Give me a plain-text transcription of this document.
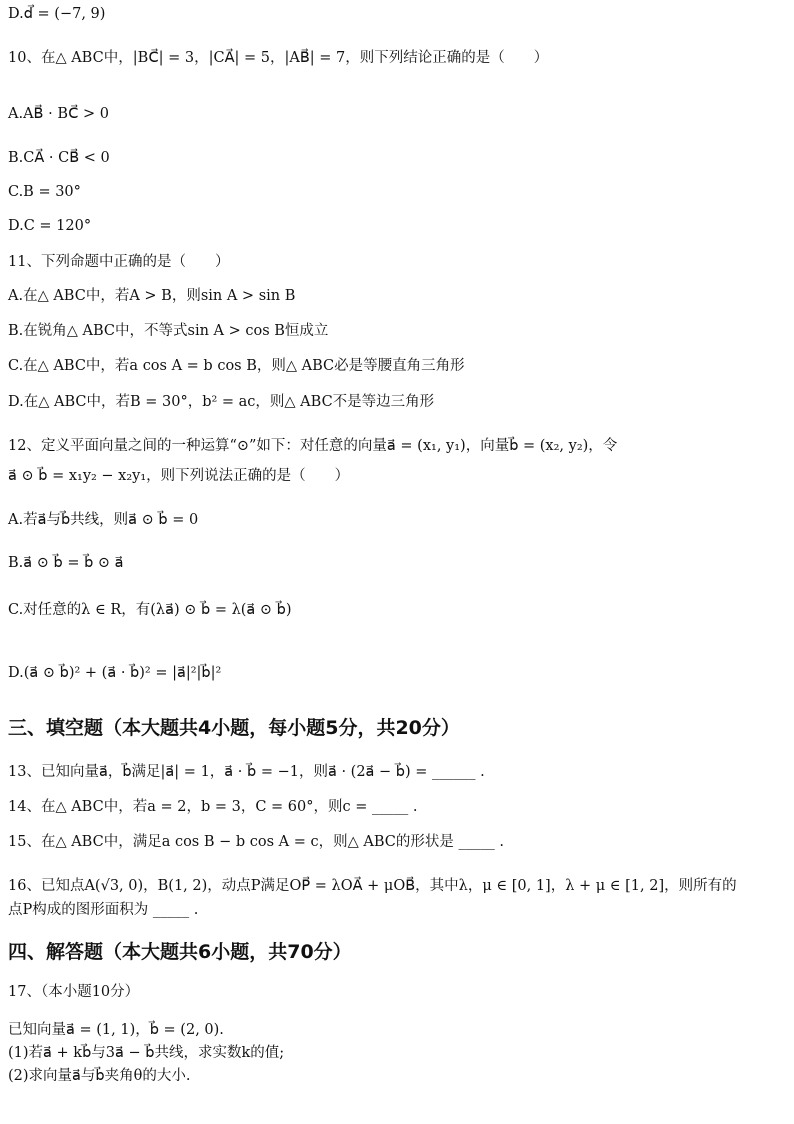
D.d⃗ = (−7, 9)
10、在△ ABC中，|BC⃗| = 3，|CA⃗| = 5，|AB⃗| = 7，则下列结论正确的是（　　）
A.AB⃗ · BC⃗ > 0
B.CA⃗ · CB⃗ < 0
C.B = 30°
D.C = 120°
11、下列命题中正确的是（　　）
A.在△ ABC中，若A > B，则sin A > sin B
B.在锐角△ ABC中，不等式sin A > cos B恒成立
C.在△ ABC中，若a cos A = b cos B，则△ ABC必是等腰直角三角形
D.在△ ABC中，若B = 30°，b² = ac，则△ ABC不是等边三角形
12、定义平面向量之间的一种运算“⊙”如下：对任意的向量a⃗ = (x₁, y₁)，向量b⃗ = (x₂, y₂)，令
a⃗ ⊙ b⃗ = x₁y₂ − x₂y₁，则下列说法正确的是（　　）
A.若a⃗与b⃗共线，则a⃗ ⊙ b⃗ = 0
B.a⃗ ⊙ b⃗ = b⃗ ⊙ a⃗
C.对任意的λ ∈ R，有(λa⃗) ⊙ b⃗ = λ(a⃗ ⊙ b⃗)
D.(a⃗ ⊙ b⃗)² + (a⃗ · b⃗)² = |a⃗|²|b⃗|²
三、填空题（本大题共4小题，每小题5分，共20分）
13、已知向量a⃗，b⃗满足|a⃗| = 1，a⃗ · b⃗ = −1，则a⃗ · (2a⃗ − b⃗) = ______ .
14、在△ ABC中，若a = 2，b = 3，C = 60°，则c = _____ .
15、在△ ABC中，满足a cos B − b cos A = c，则△ ABC的形状是 _____ .
16、已知点A(√3, 0)，B(1, 2)，动点P满足OP⃗ = λOA⃗ + μOB⃗，其中λ，μ ∈ [0, 1]，λ + μ ∈ [1, 2]，则所有的
点P构成的图形面积为 _____ .
四、解答题（本大题共6小题，共70分）
17、（本小题10分）
已知向量a⃗ = (1, 1)，b⃗ = (2, 0).
(1)若a⃗ + kb⃗与3a⃗ − b⃗共线，求实数k的值;
(2)求向量a⃗与b⃗夹角θ的大小.
